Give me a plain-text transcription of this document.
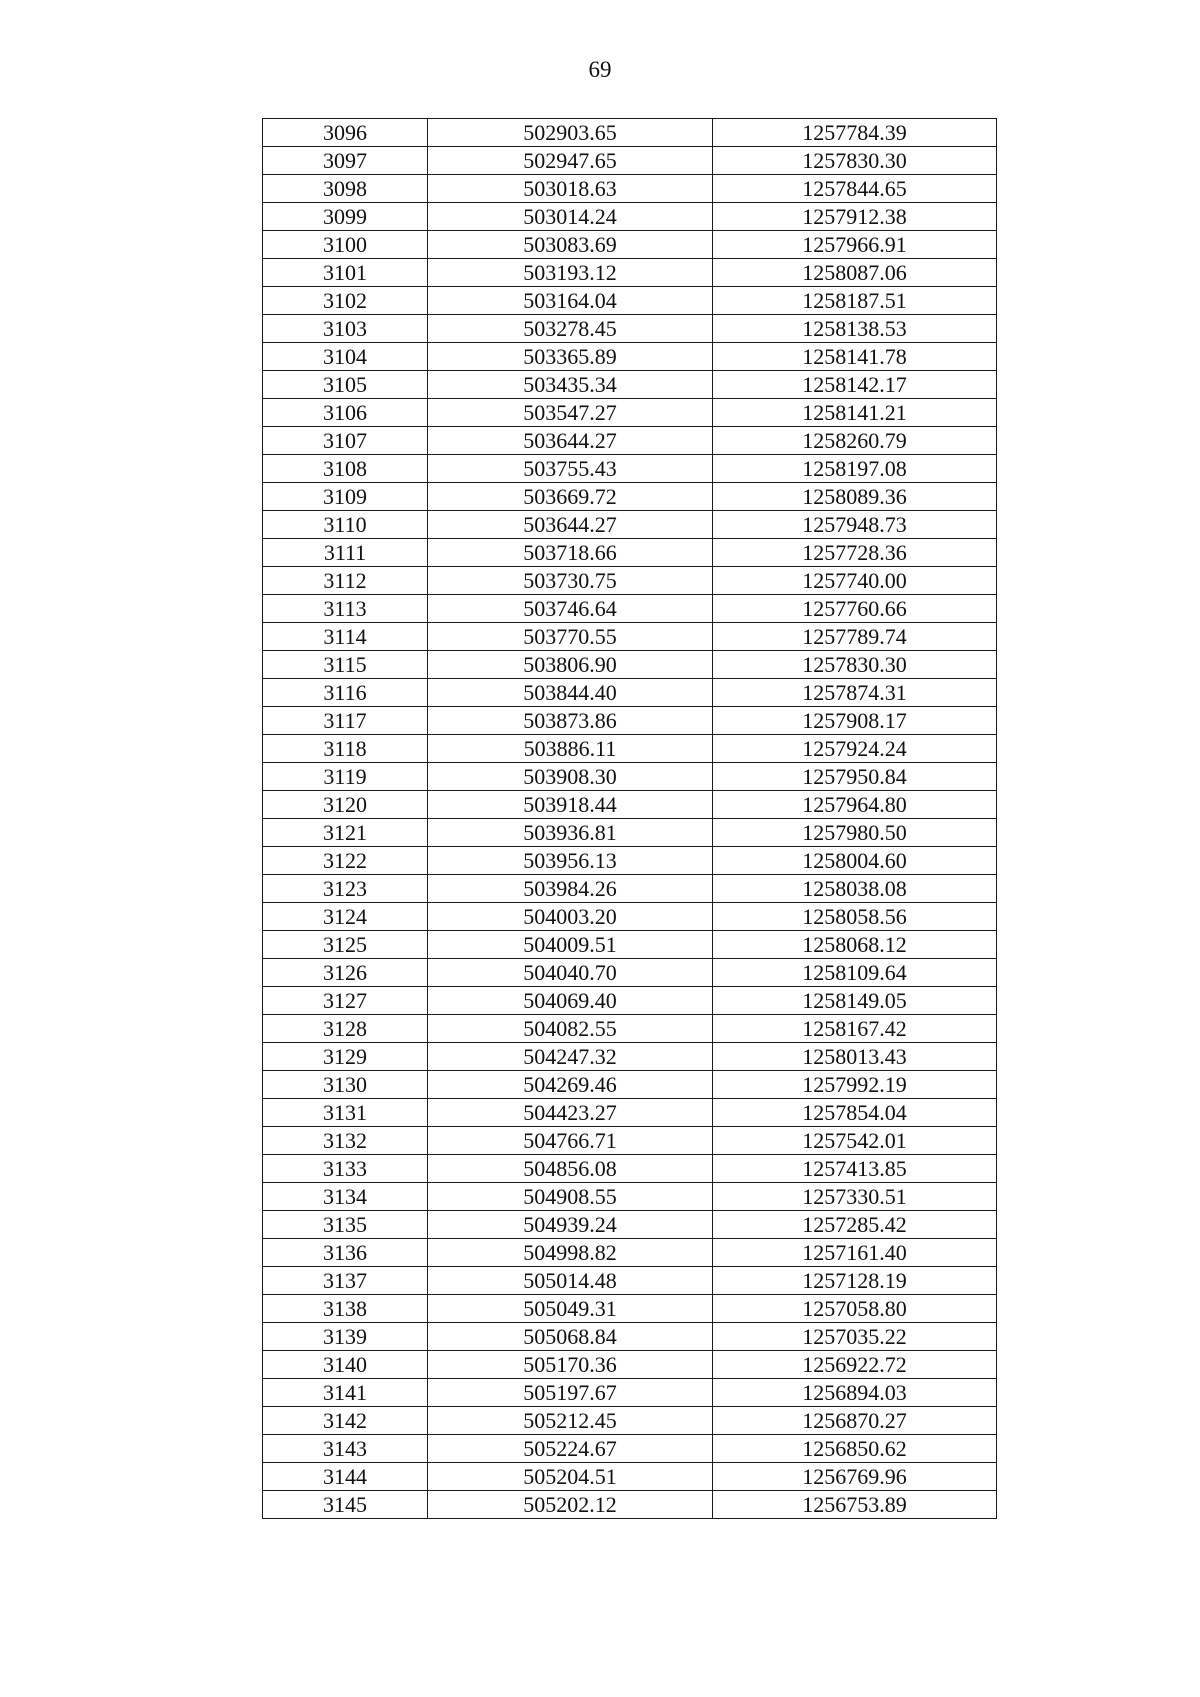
69
3096	502903.65	1257784.39
3097	502947.65	1257830.30
3098	503018.63	1257844.65
3099	503014.24	1257912.38
3100	503083.69	1257966.91
3101	503193.12	1258087.06
3102	503164.04	1258187.51
3103	503278.45	1258138.53
3104	503365.89	1258141.78
3105	503435.34	1258142.17
3106	503547.27	1258141.21
3107	503644.27	1258260.79
3108	503755.43	1258197.08
3109	503669.72	1258089.36
3110	503644.27	1257948.73
3111	503718.66	1257728.36
3112	503730.75	1257740.00
3113	503746.64	1257760.66
3114	503770.55	1257789.74
3115	503806.90	1257830.30
3116	503844.40	1257874.31
3117	503873.86	1257908.17
3118	503886.11	1257924.24
3119	503908.30	1257950.84
3120	503918.44	1257964.80
3121	503936.81	1257980.50
3122	503956.13	1258004.60
3123	503984.26	1258038.08
3124	504003.20	1258058.56
3125	504009.51	1258068.12
3126	504040.70	1258109.64
3127	504069.40	1258149.05
3128	504082.55	1258167.42
3129	504247.32	1258013.43
3130	504269.46	1257992.19
3131	504423.27	1257854.04
3132	504766.71	1257542.01
3133	504856.08	1257413.85
3134	504908.55	1257330.51
3135	504939.24	1257285.42
3136	504998.82	1257161.40
3137	505014.48	1257128.19
3138	505049.31	1257058.80
3139	505068.84	1257035.22
3140	505170.36	1256922.72
3141	505197.67	1256894.03
3142	505212.45	1256870.27
3143	505224.67	1256850.62
3144	505204.51	1256769.96
3145	505202.12	1256753.89
